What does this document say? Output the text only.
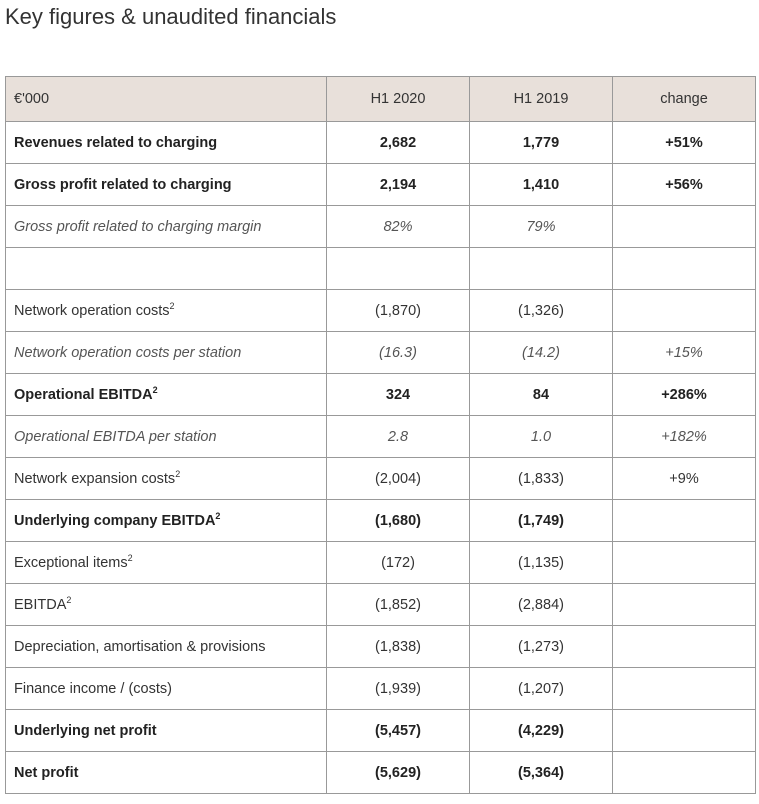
Key figures & unaudited financials
€'000	H1 2020	H1 2019	change
Revenues related to charging	2,682	1,779	+51%
Gross profit related to charging	2,194	1,410	+56%
Gross profit related to charging margin	82%	79%	

Network operation costs$^2$	(1,870)	(1,326)	
Network operation costs per station	(16.3)	(14.2)	+15%
Operational EBITDA$^2$	324	84	+286%
Operational EBITDA per station	2.8	1.0	+182%
Network expansion costs$^2$	(2,004)	(1,833)	+9%
Underlying company EBITDA$^2$	(1,680)	(1,749)	
Exceptional items$^2$	(172)	(1,135)	
EBITDA$^2$	(1,852)	(2,884)	
Depreciation, amortisation & provisions	(1,838)	(1,273)	
Finance income / (costs)	(1,939)	(1,207)	
Underlying net profit	(5,457)	(4,229)	
Net profit	(5,629)	(5,364)	
